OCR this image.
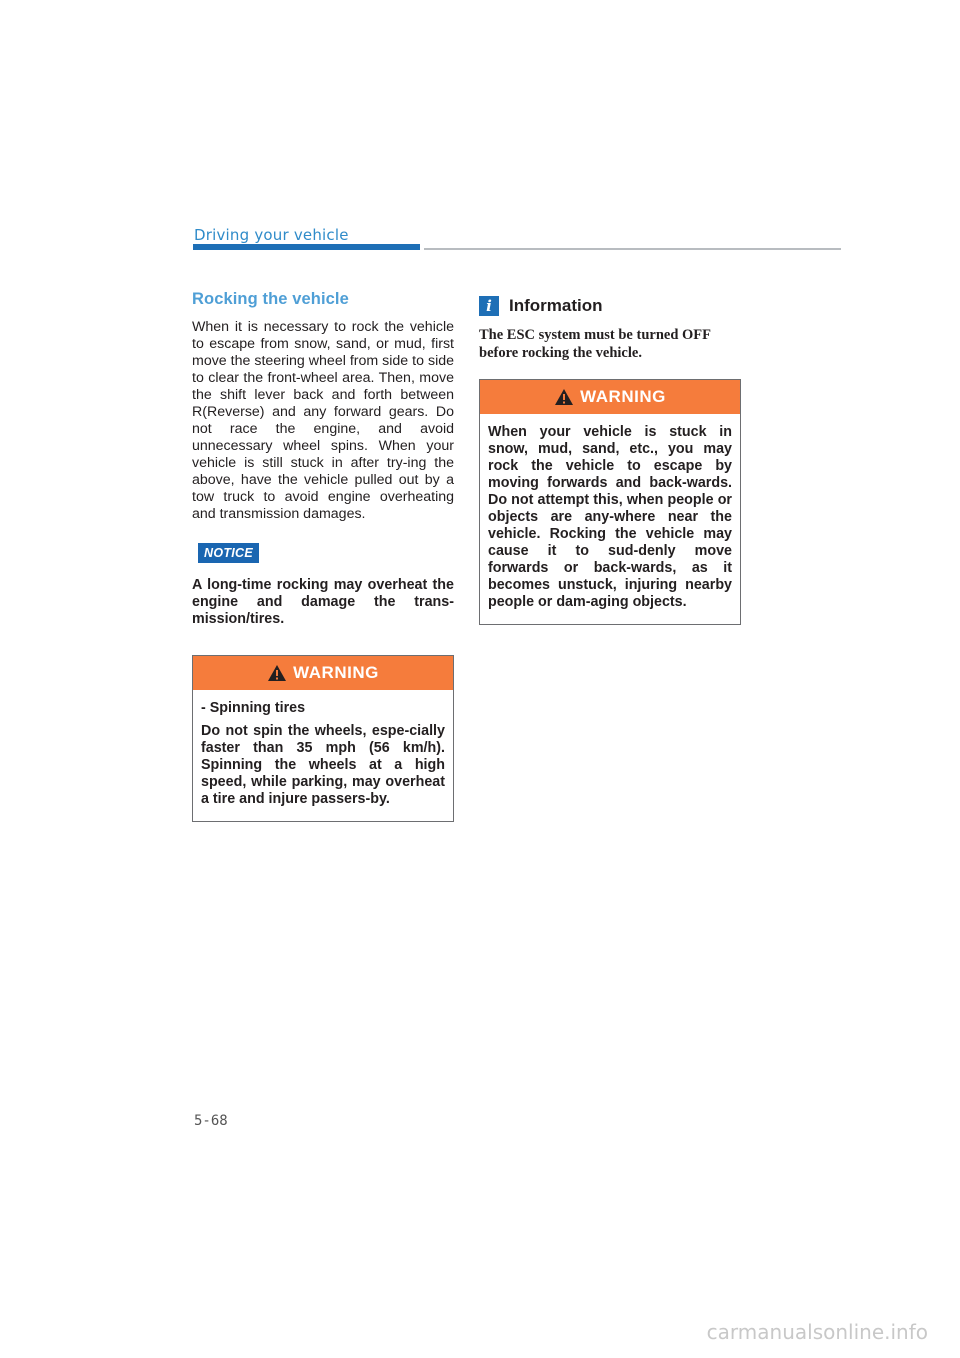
Driving your vehicle
Rocking the vehicle

When it is necessary to rock the vehicle to escape from snow, sand, or mud, first move the steering wheel from side to side to clear the front-wheel area. Then, move the shift lever back and forth between R(Reverse) and any forward gears. Do not race the engine, and avoid unnecessary wheel spins. When your vehicle is still stuck in after try-ing the above, have the vehicle pulled out by a tow truck to avoid engine overheating and transmission damages.

NOTICE

A long-time rocking may overheat the engine and damage the trans-mission/tires.

WARNING

- Spinning tires

Do not spin the wheels, espe-cially faster than 35 mph (56 km/h). Spinning the wheels at a high speed, while parking, may overheat a tire and injure passers-by.

i	Information

The ESC system must be turned OFF before rocking the vehicle.

WARNING

When your vehicle is stuck in snow, mud, sand, etc., you may rock the vehicle to escape by moving forwards and back-wards. Do not attempt this, when people or objects are any-where near the vehicle. Rocking the vehicle may cause it to sud-denly move forwards or back-wards, as it becomes unstuck, injuring nearby people or dam-aging objects.

5-68
carmanualsonline.info
